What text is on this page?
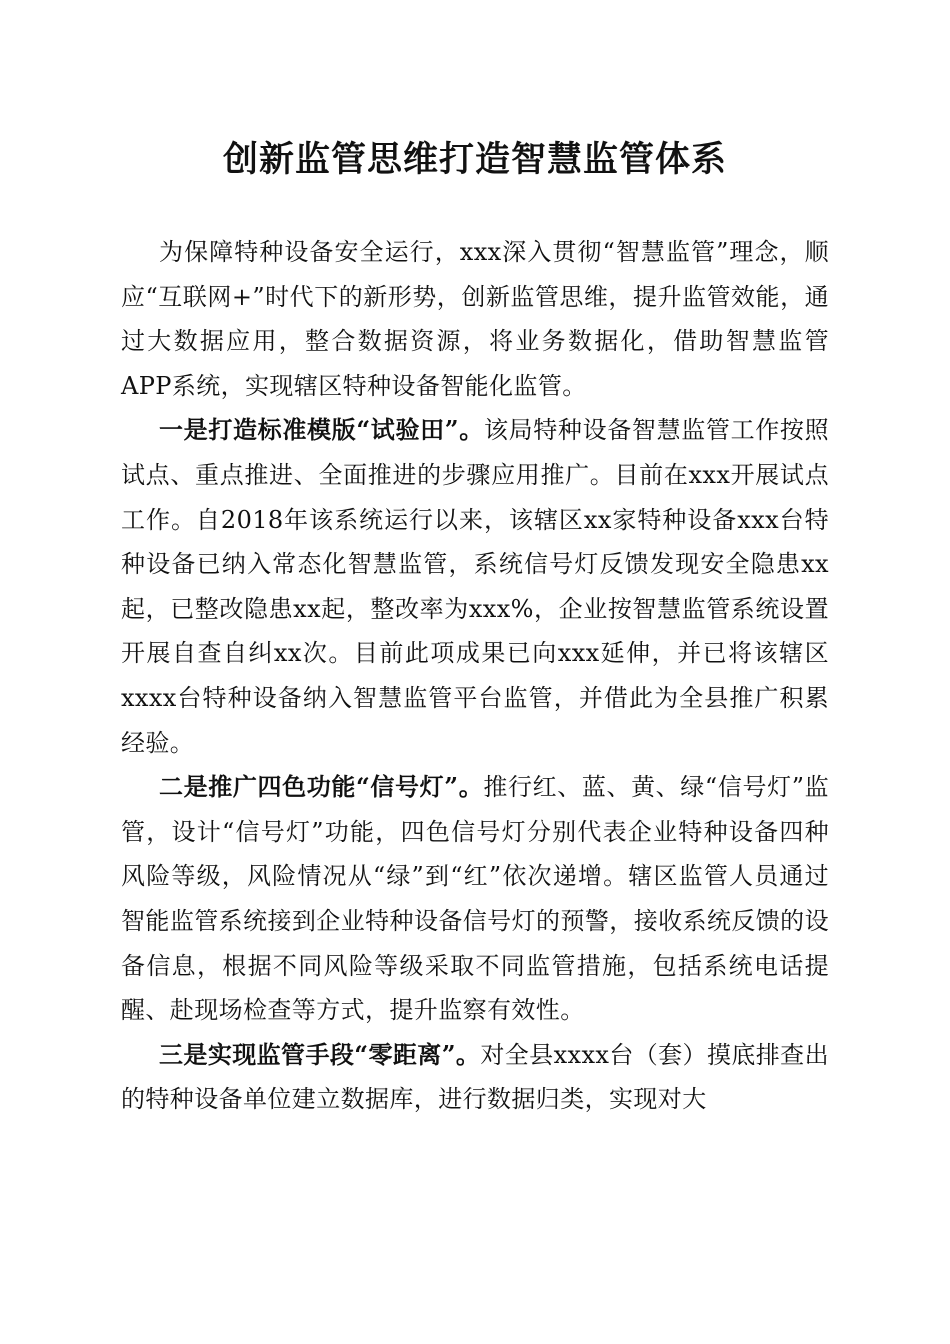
创新监管思维打造智慧监管体系

为保障特种设备安全运行，xxx深入贯彻“智慧监管”理念，顺应“互联网+”时代下的新形势，创新监管思维，提升监管效能，通过大数据应用，整合数据资源，将业务数据化，借助智慧监管APP系统，实现辖区特种设备智能化监管。

一是打造标准模版“试验田”。该局特种设备智慧监管工作按照试点、重点推进、全面推进的步骤应用推广。目前在xxx开展试点工作。自2018年该系统运行以来，该辖区xx家特种设备xxx台特种设备已纳入常态化智慧监管，系统信号灯反馈发现安全隐患xx起，已整改隐患xx起，整改率为xxx%，企业按智慧监管系统设置开展自查自纠xx次。目前此项成果已向xxx延伸，并已将该辖区xxxx台特种设备纳入智慧监管平台监管，并借此为全县推广积累经验。

二是推广四色功能“信号灯”。推行红、蓝、黄、绿“信号灯”监管，设计“信号灯”功能，四色信号灯分别代表企业特种设备四种风险等级，风险情况从“绿”到“红”依次递增。辖区监管人员通过智能监管系统接到企业特种设备信号灯的预警，接收系统反馈的设备信息，根据不同风险等级采取不同监管措施，包括系统电话提醒、赴现场检查等方式，提升监察有效性。

三是实现监管手段“零距离”。对全县xxxx台（套）摸底排查出的特种设备单位建立数据库，进行数据归类，实现对大
